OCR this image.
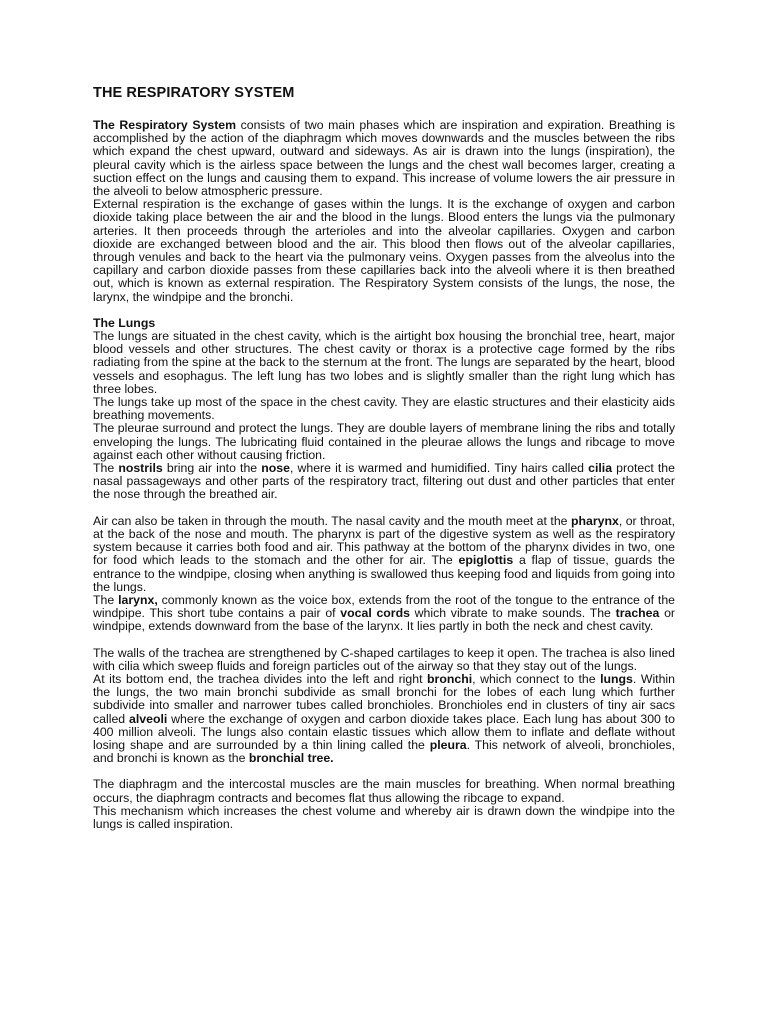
THE RESPIRATORY SYSTEM

The Respiratory System consists of two main phases which are inspiration and expiration. Breathing is accomplished by the action of the diaphragm which moves downwards and the muscles between the ribs which expand the chest upward, outward and sideways. As air is drawn into the lungs (inspiration), the pleural cavity which is the airless space between the lungs and the chest wall becomes larger, creating a suction effect on the lungs and causing them to expand. This increase of volume lowers the air pressure in the alveoli to below atmospheric pressure.

External respiration is the exchange of gases within the lungs. It is the exchange of oxygen and carbon dioxide taking place between the air and the blood in the lungs. Blood enters the lungs via the pulmonary arteries. It then proceeds through the arterioles and into the alveolar capillaries. Oxygen and carbon dioxide are exchanged between blood and the air. This blood then flows out of the alveolar capillaries, through venules and back to the heart via the pulmonary veins. Oxygen passes from the alveolus into the capillary and carbon dioxide passes from these capillaries back into the alveoli where it is then breathed out, which is known as external respiration. The Respiratory System consists of the lungs, the nose, the larynx, the windpipe and the bronchi.

The Lungs

The lungs are situated in the chest cavity, which is the airtight box housing the bronchial tree, heart, major blood vessels and other structures. The chest cavity or thorax is a protective cage formed by the ribs radiating from the spine at the back to the sternum at the front. The lungs are separated by the heart, blood vessels and esophagus. The left lung has two lobes and is slightly smaller than the right lung which has three lobes.

The lungs take up most of the space in the chest cavity. They are elastic structures and their elasticity aids breathing movements.

The pleurae surround and protect the lungs. They are double layers of membrane lining the ribs and totally enveloping the lungs. The lubricating fluid contained in the pleurae allows the lungs and ribcage to move against each other without causing friction.

The nostrils bring air into the nose, where it is warmed and humidified. Tiny hairs called cilia protect the nasal passageways and other parts of the respiratory tract, filtering out dust and other particles that enter the nose through the breathed air.

Air can also be taken in through the mouth. The nasal cavity and the mouth meet at the pharynx, or throat, at the back of the nose and mouth. The pharynx is part of the digestive system as well as the respiratory system because it carries both food and air. This pathway at the bottom of the pharynx divides in two, one for food which leads to the stomach and the other for air. The epiglottis a flap of tissue, guards the entrance to the windpipe, closing when anything is swallowed thus keeping food and liquids from going into the lungs.

The larynx, commonly known as the voice box, extends from the root of the tongue to the entrance of the windpipe. This short tube contains a pair of vocal cords which vibrate to make sounds. The trachea or windpipe, extends downward from the base of the larynx. It lies partly in both the neck and chest cavity.

The walls of the trachea are strengthened by C-shaped cartilages to keep it open. The trachea is also lined with cilia which sweep fluids and foreign particles out of the airway so that they stay out of the lungs.

At its bottom end, the trachea divides into the left and right bronchi, which connect to the lungs. Within the lungs, the two main bronchi subdivide as small bronchi for the lobes of each lung which further subdivide into smaller and narrower tubes called bronchioles. Bronchioles end in clusters of tiny air sacs called alveoli where the exchange of oxygen and carbon dioxide takes place. Each lung has about 300 to 400 million alveoli. The lungs also contain elastic tissues which allow them to inflate and deflate without losing shape and are surrounded by a thin lining called the pleura. This network of alveoli, bronchioles, and bronchi is known as the bronchial tree.

The diaphragm and the intercostal muscles are the main muscles for breathing. When normal breathing occurs, the diaphragm contracts and becomes flat thus allowing the ribcage to expand.

This mechanism which increases the chest volume and whereby air is drawn down the windpipe into the lungs is called inspiration.
